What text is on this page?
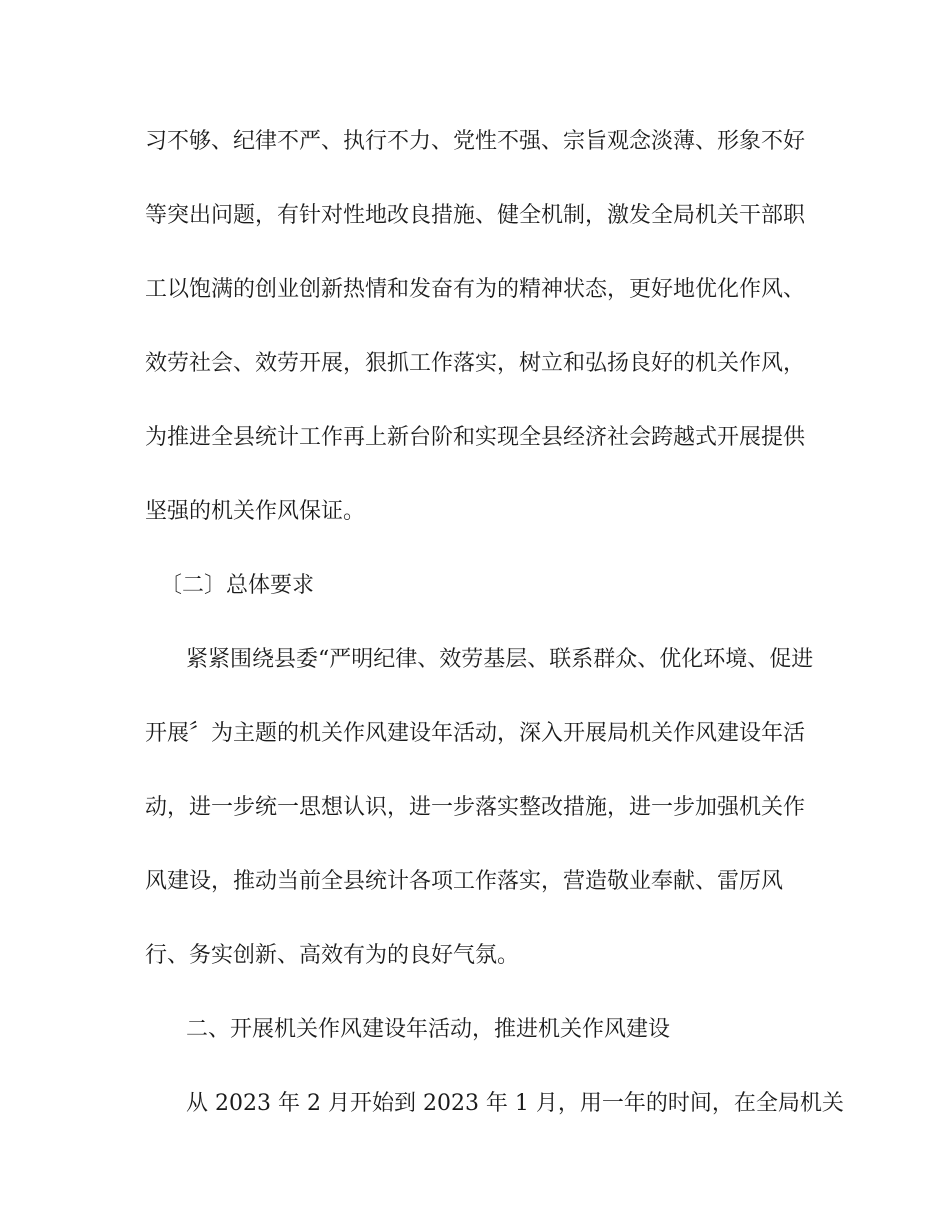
习不够、纪律不严、执行不力、党性不强、宗旨观念淡薄、形象不好
等突出问题，有针对性地改良措施、健全机制，激发全局机关干部职
工以饱满的创业创新热情和发奋有为的精神状态，更好地优化作风、
效劳社会、效劳开展，狠抓工作落实，树立和弘扬良好的机关作风，
为推进全县统计工作再上新台阶和实现全县经济社会跨越式开展提供
坚强的机关作风保证。
〔二〕总体要求
紧紧围绕县委“严明纪律、效劳基层、联系群众、优化环境、促进
开展〞为主题的机关作风建设年活动，深入开展局机关作风建设年活
动，进一步统一思想认识，进一步落实整改措施，进一步加强机关作
风建设，推动当前全县统计各项工作落实，营造敬业奉献、雷厉风
行、务实创新、高效有为的良好气氛。
二、开展机关作风建设年活动，推进机关作风建设
从 2023 年 2 月开始到 2023 年 1 月，用一年的时间，在全局机关
